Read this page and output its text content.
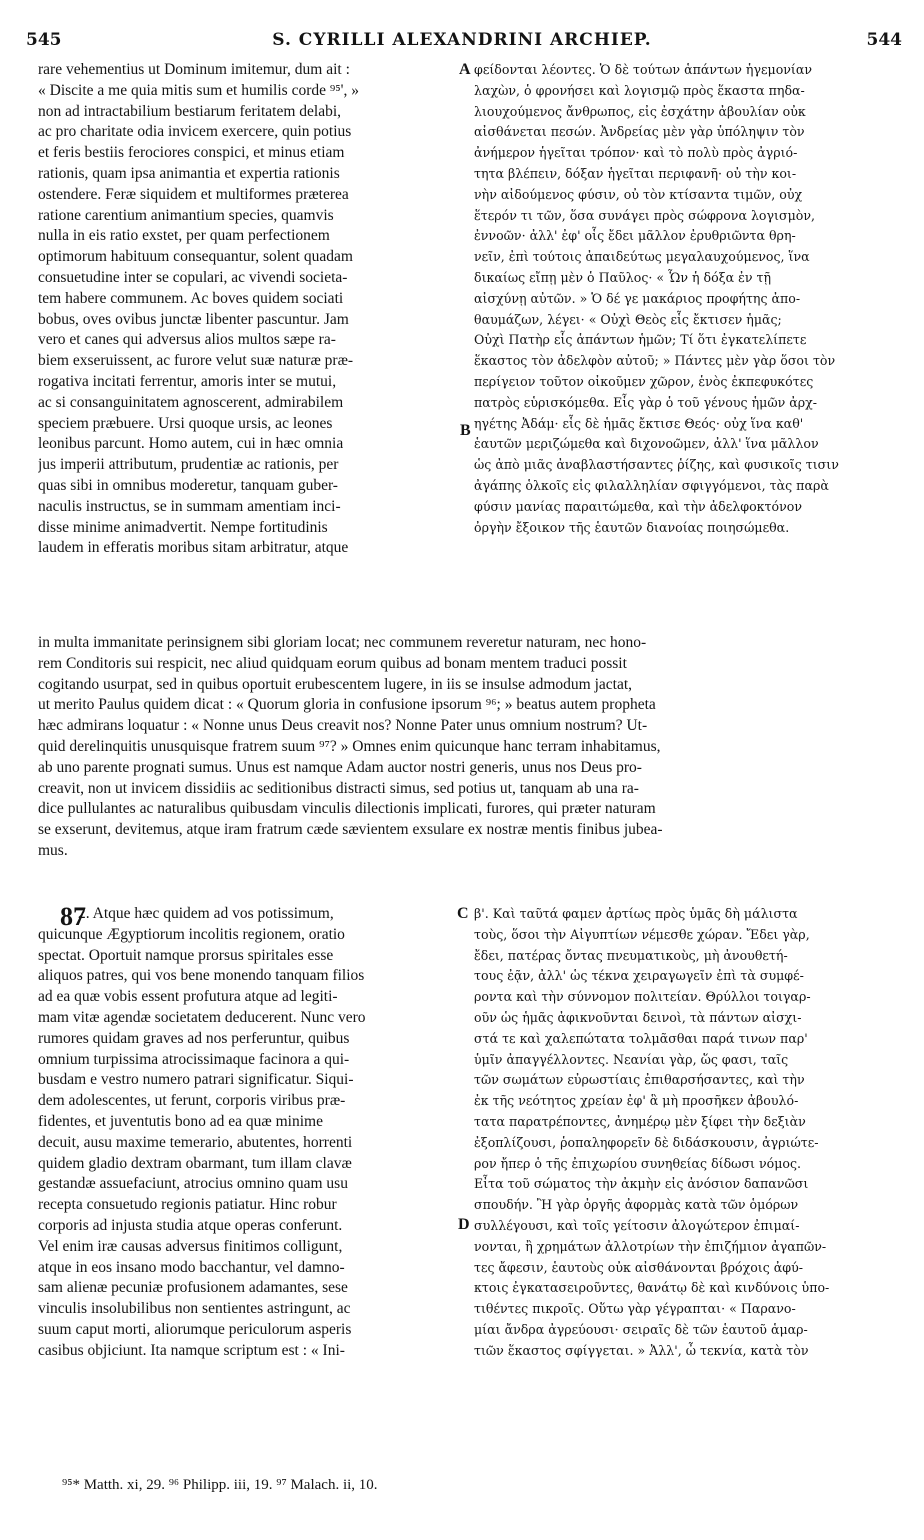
545	S. CYRILLI ALEXANDRINI ARCHIEP.	544
rare vehementius ut Dominum imitemur, dum ait :
« Discite a me quia mitis sum et humilis corde ⁹⁵', »
non ad intractabilium bestiarum feritatem delabi,
ac pro charitate odia invicem exercere, quin potius
et feris bestiis ferociores conspici, et minus etiam
rationis, quam ipsa animantia et expertia rationis
ostendere. Feræ siquidem et multiformes præterea
ratione carentium animantium species, quamvis
nulla in eis ratio exstet, per quam perfectionem
optimorum habituum consequantur, solent quadam
consuetudine inter se copulari, ac vivendi societa-
tem habere communem. Ac boves quidem sociati
bobus, oves ovibus junctæ libenter pascuntur. Jam
vero et canes qui adversus alios multos sæpe ra-
biem exseruissent, ac furore velut suæ naturæ præ-
rogativa incitati ferrentur, amoris inter se mutui,
ac si consanguinitatem agnoscerent, admirabilem
speciem præbuere. Ursi quoque ursis, ac leones
leonibus parcunt. Homo autem, cui in hæc omnia
jus imperii attributum, prudentiæ ac rationis, per
quas sibi in omnibus moderetur, tanquam guber-
naculis instructus, se in summam amentiam inci-
disse minime animadvertit. Nempe fortitudinis
laudem in efferatis moribus sitam arbitratur, atque
A φείδονται λέοντες. Ὁ δὲ τούτων ἁπάντων ἡγεμονίαν
λαχὼν, ὁ φρονήσει καὶ λογισμῷ πρὸς ἕκαστα πηδα-
λιουχούμενος ἄνθρωπος, εἰς ἐσχάτην ἀβουλίαν οὐκ
αἰσθάνεται πεσών. Ἀνδρείας μὲν γὰρ ὑπόληψιν τὸν
ἀνήμερον ἡγεῖται τρόπον· καὶ τὸ πολὺ πρὸς ἀγριό-
τητα βλέπειν, δόξαν ἡγεῖται περιφανῆ· οὐ τὴν κοι-
νὴν αἰδούμενος φύσιν, οὐ τὸν κτίσαντα τιμῶν, οὐχ
ἕτερόν τι τῶν, ὅσα συνάγει πρὸς σώφρονα λογισμὸν,
ἐννοῶν· ἀλλ' ἐφ' οἷς ἔδει μᾶλλον ἐρυθριῶντα θρη-
νεῖν, ἐπὶ τούτοις ἀπαιδεύτως μεγαλαυχούμενος, ἵνα
δικαίως εἴπῃ μὲν ὁ Παῦλος· « Ὧν ἡ δόξα ἐν τῇ
αἰσχύνῃ αὐτῶν. » Ὁ δέ γε μακάριος προφήτης ἀπο-
θαυμάζων, λέγει· « Οὐχὶ Θεὸς εἷς ἔκτισεν ἡμᾶς;
Οὐχὶ Πατὴρ εἷς ἁπάντων ἡμῶν; Τί ὅτι ἐγκατελίπετε
ἕκαστος τὸν ἀδελφὸν αὐτοῦ; » Πάντες μὲν γὰρ ὅσοι τὸν
περίγειον τοῦτον οἰκοῦμεν χῶρον, ἑνὸς ἐκπεφυκότες
πατρὸς εὑρισκόμεθα. Εἷς γὰρ ὁ τοῦ γένους ἡμῶν ἀρχ-
ηγέτης Ἀδάμ· εἷς δὲ ἡμᾶς ἔκτισε Θεός· οὐχ ἵνα καθ'
ἑαυτῶν μεριζώμεθα καὶ διχονοῶμεν, ἀλλ' ἵνα μᾶλλον
ὡς ἀπὸ μιᾶς ἀναβλαστήσαντες ῥίζης, καὶ φυσικοῖς τισιν
ἀγάπης ὁλκοῖς εἰς φιλαλληλίαν σφιγγόμενοι, τὰς παρὰ
φύσιν μανίας παραιτώμεθα, καὶ τὴν ἀδελφοκτόνον
ὀργὴν ἔξοικον τῆς ἑαυτῶν διανοίας ποιησώμεθα.
B
in multa immanitate perinsignem sibi gloriam locat; nec communem reveretur naturam, nec hono-
rem Conditoris sui respicit, nec aliud quidquam eorum quibus ad bonam mentem traduci possit
cogitando usurpat, sed in quibus oportuit erubescentem lugere, in iis se insulse admodum jactat,
ut merito Paulus quidem dicat : « Quorum gloria in confusione ipsorum ⁹⁶; » beatus autem propheta
hæc admirans loquatur : « Nonne unus Deus creavit nos? Nonne Pater unus omnium nostrum? Ut-
quid derelinquitis unusquisque fratrem suum ⁹⁷? » Omnes enim quicunque hanc terram inhabitamus,
ab uno parente prognati sumus. Unus est namque Adam auctor nostri generis, unus nos Deus pro-
creavit, non ut invicem dissidiis ac seditionibus distracti simus, sed potius ut, tanquam ab una ra-
dice pullulantes ac naturalibus quibusdam vinculis dilectionis implicati, furores, qui præter naturam
se exserunt, devitemus, atque iram fratrum cæde sævientem exsulare ex nostræ mentis finibus jubea-
mus.
87
2. Atque hæc quidem ad vos potissimum,
quicunque Ægyptiorum incolitis regionem, oratio
spectat. Oportuit namque prorsus spiritales esse
aliquos patres, qui vos bene monendo tanquam filios
ad ea quæ vobis essent profutura atque ad legiti-
mam vitæ agendæ societatem deducerent. Nunc vero
rumores quidam graves ad nos perferuntur, quibus
omnium turpissima atrocissimaque facinora a qui-
busdam e vestro numero patrari significatur. Siqui-
dem adolescentes, ut ferunt, corporis viribus præ-
fidentes, et juventutis bono ad ea quæ minime
decuit, ausu maxime temerario, abutentes, horrenti
quidem gladio dextram obarmant, tum illam clavæ
gestandæ assuefaciunt, atrocius omnino quam usu
recepta consuetudo regionis patiatur. Hinc robur
corporis ad injusta studia atque operas conferunt.
Vel enim iræ causas adversus finitimos colligunt,
atque in eos insano modo bacchantur, vel damno-
sam alienæ pecuniæ profusionem adamantes, sese
vinculis insolubilibus non sentientes astringunt, ac
suum caput morti, aliorumque periculorum asperis
casibus objiciunt. Ita namque scriptum est : « Ini-
C β'. Καὶ ταῦτά φαμεν ἀρτίως πρὸς ὑμᾶς δὴ μάλιστα
τοὺς, ὅσοι τὴν Αἰγυπτίων νέμεσθε χώραν. Ἔδει γὰρ,
ἔδει, πατέρας ὄντας πνευματικοὺς, μὴ ἀνουθετή-
τους ἐᾷν, ἀλλ' ὡς τέκνα χειραγωγεῖν ἐπὶ τὰ συμφέ-
ροντα καὶ τὴν σύννομον πολιτείαν. Θρύλλοι τοιγαρ-
οῦν ὡς ἡμᾶς ἀφικνοῦνται δεινοὶ, τὰ πάντων αἰσχι-
στά τε καὶ χαλεπώτατα τολμᾶσθαι παρά τινων παρ'
ὑμῖν ἀπαγγέλλοντες. Νεανίαι γὰρ, ὥς φασι, ταῖς
τῶν σωμάτων εὐρωστίαις ἐπιθαρσήσαντες, καὶ τὴν
ἐκ τῆς νεότητος χρείαν ἐφ' ἃ μὴ προσῆκεν ἀβουλό-
τατα παρατρέποντες, ἀνημέρῳ μὲν ξίφει τὴν δεξιὰν
ἐξοπλίζουσι, ῥοπαληφορεῖν δὲ διδάσκουσιν, ἀγριώτε-
ρον ἤπερ ὁ τῆς ἐπιχωρίου συνηθείας δίδωσι νόμος.
Εἶτα τοῦ σώματος τὴν ἀκμὴν εἰς ἀνόσιον δαπανῶσι
σπουδήν. Ἢ γὰρ ὀργῆς ἀφορμὰς κατὰ τῶν ὁμόρων
συλλέγουσι, καὶ τοῖς γείτοσιν ἀλογώτερον ἐπιμαί-
νονται, ἢ χρημάτων ἀλλοτρίων τὴν ἐπιζήμιον ἀγαπῶν-
τες ἄφεσιν, ἑαυτοὺς οὐκ αἰσθάνονται βρόχοις ἀφύ-
κτοις ἐγκατασειροῦντες, θανάτῳ δὲ καὶ κινδύνοις ὑπο-
τιθέντες πικροῖς. Οὕτω γὰρ γέγραπται· « Παρανο-
μίαι ἄνδρα ἀγρεύουσι· σειραῖς δὲ τῶν ἑαυτοῦ ἁμαρ-
τιῶν ἕκαστος σφίγγεται. » Ἀλλ', ὦ τεκνία, κατὰ τὸν
D
⁹⁵* Matth. xi, 29. ⁹⁶ Philipp. iii, 19. ⁹⁷ Malach. ii, 10.
